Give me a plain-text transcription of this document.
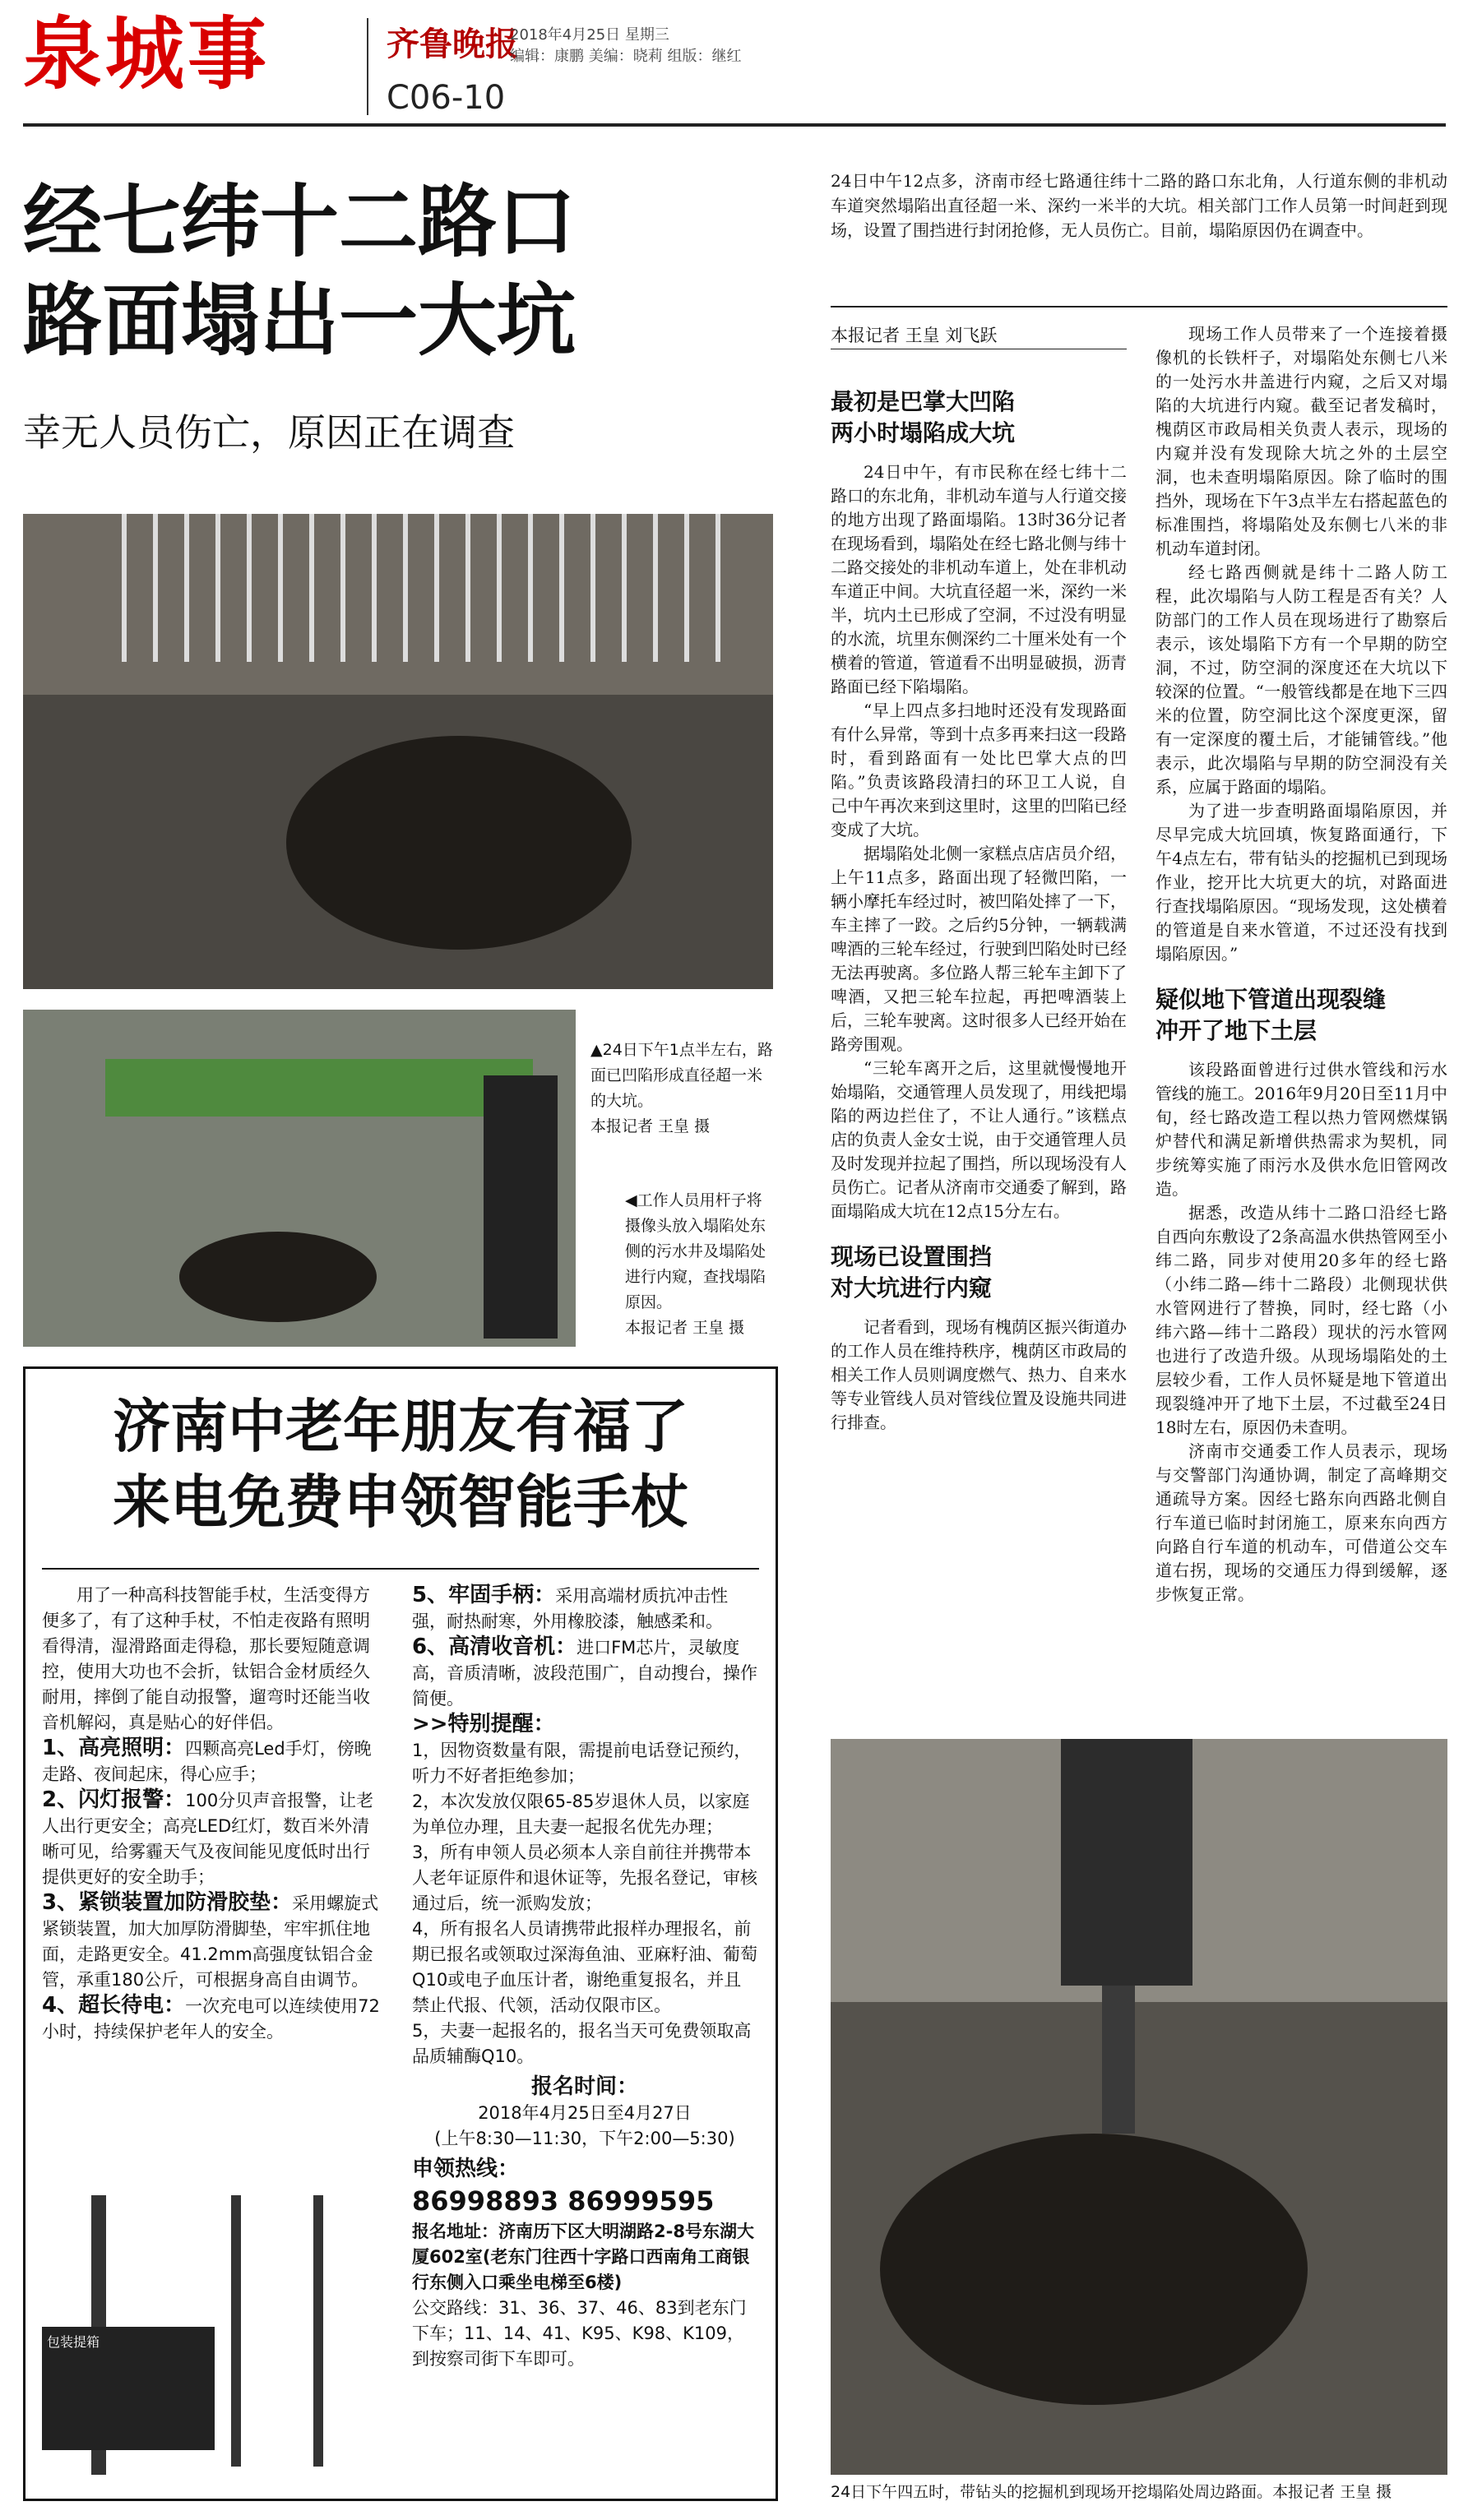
泉城事	齐鲁晚报
2018年4月25日 星期三
编辑：康鹏 美编：晓莉 组版：继红
C06-10
经七纬十二路口
路面塌出一大坑
幸无人员伤亡，原因正在调查
24日中午12点多，济南市经七路通往纬十二路的路口东北角，人行道东侧的非机动车道突然塌陷出直径超一米、深约一米半的大坑。相关部门工作人员第一时间赶到现场，设置了围挡进行封闭抢修，无人员伤亡。目前，塌陷原因仍在调查中。
▲24日下午1点半左右，路面已凹陷形成直径超一米的大坑。
本报记者 王皇 摄
◀工作人员用杆子将摄像头放入塌陷处东侧的污水井及塌陷处进行内窥，查找塌陷原因。
本报记者 王皇 摄
本报记者 王皇 刘飞跃
最初是巴掌大凹陷
两小时塌陷成大坑

24日中午，有市民称在经七纬十二路口的东北角，非机动车道与人行道交接的地方出现了路面塌陷。13时36分记者在现场看到，塌陷处在经七路北侧与纬十二路交接处的非机动车道上，处在非机动车道正中间。大坑直径超一米，深约一米半，坑内土已形成了空洞，不过没有明显的水流，坑里东侧深约二十厘米处有一个横着的管道，管道看不出明显破损，沥青路面已经下陷塌陷。

“早上四点多扫地时还没有发现路面有什么异常，等到十点多再来扫这一段路时，看到路面有一处比巴掌大点的凹陷。”负责该路段清扫的环卫工人说，自己中午再次来到这里时，这里的凹陷已经变成了大坑。

据塌陷处北侧一家糕点店店员介绍，上午11点多，路面出现了轻微凹陷，一辆小摩托车经过时，被凹陷处摔了一下，车主摔了一跤。之后约5分钟，一辆载满啤酒的三轮车经过，行驶到凹陷处时已经无法再驶离。多位路人帮三轮车主卸下了啤酒，又把三轮车拉起，再把啤酒装上后，三轮车驶离。这时很多人已经开始在路旁围观。

“三轮车离开之后，这里就慢慢地开始塌陷，交通管理人员发现了，用线把塌陷的两边拦住了，不让人通行。”该糕点店的负责人金女士说，由于交通管理人员及时发现并拉起了围挡，所以现场没有人员伤亡。记者从济南市交通委了解到，路面塌陷成大坑在12点15分左右。

现场已设置围挡
对大坑进行内窥

记者看到，现场有槐荫区振兴街道办的工作人员在维持秩序，槐荫区市政局的相关工作人员则调度燃气、热力、自来水等专业管线人员对管线位置及设施共同进行排查。

现场工作人员带来了一个连接着摄像机的长铁杆子，对塌陷处东侧七八米的一处污水井盖进行内窥，之后又对塌陷的大坑进行内窥。截至记者发稿时，槐荫区市政局相关负责人表示，现场的内窥并没有发现除大坑之外的土层空洞，也未查明塌陷原因。除了临时的围挡外，现场在下午3点半左右搭起蓝色的标准围挡，将塌陷处及东侧七八米的非机动车道封闭。

经七路西侧就是纬十二路人防工程，此次塌陷与人防工程是否有关？人防部门的工作人员在现场进行了勘察后表示，该处塌陷下方有一个早期的防空洞，不过，防空洞的深度还在大坑以下较深的位置。“一般管线都是在地下三四米的位置，防空洞比这个深度更深，留有一定深度的覆土后，才能铺管线。”他表示，此次塌陷与早期的防空洞没有关系，应属于路面的塌陷。

为了进一步查明路面塌陷原因，并尽早完成大坑回填，恢复路面通行，下午4点左右，带有钻头的挖掘机已到现场作业，挖开比大坑更大的坑，对路面进行查找塌陷原因。“现场发现，这处横着的管道是自来水管道，不过还没有找到塌陷原因。”

疑似地下管道出现裂缝
冲开了地下土层

该段路面曾进行过供水管线和污水管线的施工。2016年9月20日至11月中旬，经七路改造工程以热力管网燃煤锅炉替代和满足新增供热需求为契机，同步统筹实施了雨污水及供水危旧管网改造。

据悉，改造从纬十二路口沿经七路自西向东敷设了2条高温水供热管网至小纬二路，同步对使用20多年的经七路（小纬二路—纬十二路段）北侧现状供水管网进行了替换，同时，经七路（小纬六路—纬十二路段）现状的污水管网也进行了改造升级。从现场塌陷处的土层较少看，工作人员怀疑是地下管道出现裂缝冲开了地下土层，不过截至24日18时左右，原因仍未查明。

济南市交通委工作人员表示，现场与交警部门沟通协调，制定了高峰期交通疏导方案。因经七路东向西路北侧自行车道已临时封闭施工，原来东向西方向路自行车道的机动车，可借道公交车道右拐，现场的交通压力得到缓解，逐步恢复正常。

24日下午四五时，带钻头的挖掘机到现场开挖塌陷处周边路面。本报记者 王皇 摄
济南中老年朋友有福了
来电免费申领智能手杖
用了一种高科技智能手杖，生活变得方便多了，有了这种手杖，不怕走夜路有照明看得清，湿滑路面走得稳，那长要短随意调控，使用大功也不会折，钛铝合金材质经久耐用，摔倒了能自动报警，遛弯时还能当收音机解闷，真是贴心的好伴侣。
1、高亮照明：四颗高亮Led手灯，傍晚走路、夜间起床，得心应手；
2、闪灯报警：100分贝声音报警，让老人出行更安全；高亮LED红灯，数百米外清晰可见，给雾霾天气及夜间能见度低时出行提供更好的安全助手；
3、紧锁装置加防滑胶垫：采用螺旋式紧锁装置，加大加厚防滑脚垫，牢牢抓住地面，走路更安全。41.2mm高强度钛铝合金管，承重180公斤，可根据身高自由调节。
4、超长待电：一次充电可以连续使用72小时，持续保护老年人的安全。
包装提箱
5、牢固手柄：采用高端材质抗冲击性强，耐热耐寒，外用橡胶漆，触感柔和。
6、高清收音机：进口FM芯片，灵敏度高，音质清晰，波段范围广，自动搜台，操作简便。
>>特别提醒：
1，因物资数量有限，需提前电话登记预约，听力不好者拒绝参加；
2，本次发放仅限65-85岁退休人员，以家庭为单位办理，且夫妻一起报名优先办理；
3，所有申领人员必须本人亲自前往并携带本人老年证原件和退休证等，先报名登记，审核通过后，统一派购发放；
4，所有报名人员请携带此报样办理报名，前期已报名或领取过深海鱼油、亚麻籽油、葡萄Q10或电子血压计者，谢绝重复报名，并且禁止代报、代领，活动仅限市区。
5，夫妻一起报名的，报名当天可免费领取高品质辅酶Q10。
报名时间：
2018年4月25日至4月27日
(上午8:30—11:30，下午2:00—5:30)
申领热线：
86998893 86999595
报名地址：济南历下区大明湖路2-8号东湖大厦602室(老东门往西十字路口西南角工商银行东侧入口乘坐电梯至6楼)
公交路线：31、36、37、46、83到老东门下车；11、14、41、K95、K98、K109，到按察司街下车即可。
